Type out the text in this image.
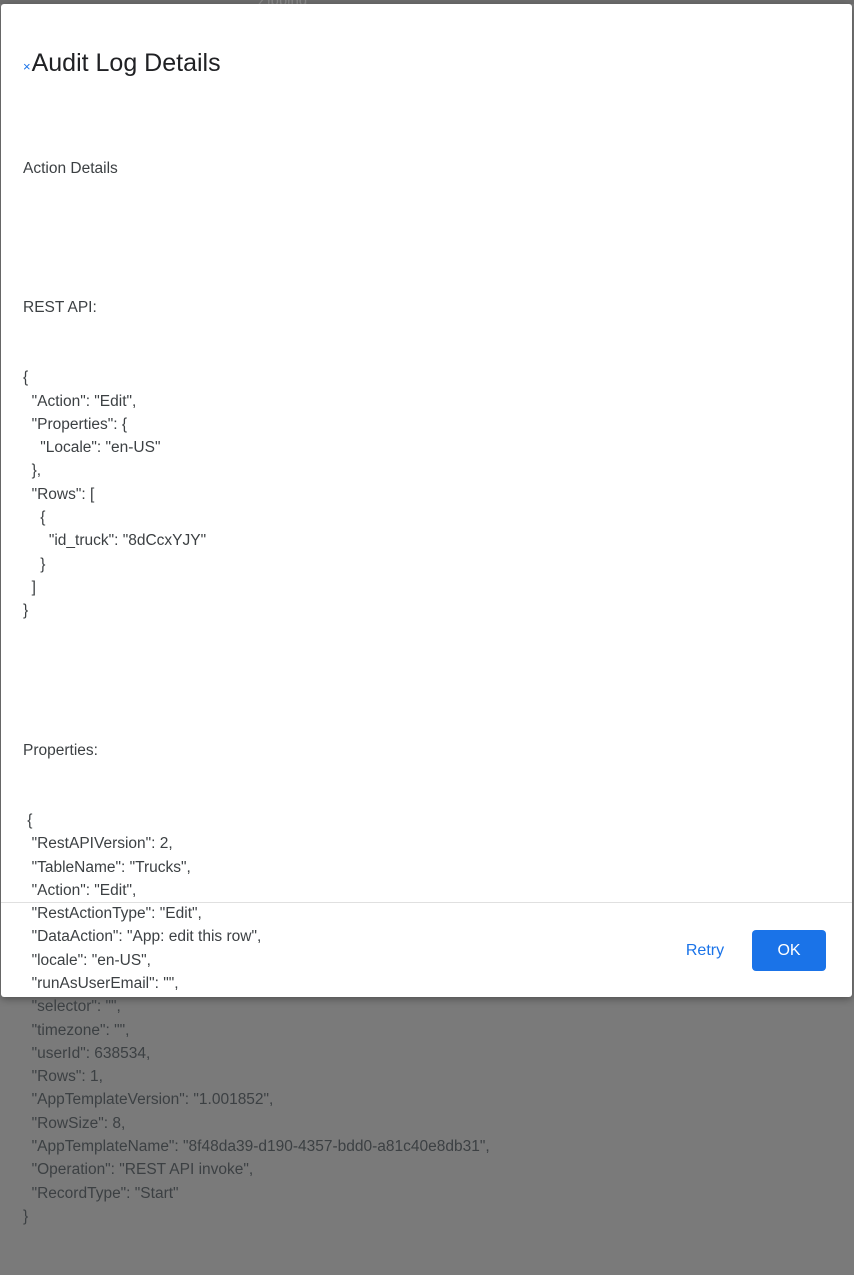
× Audit Log Details

Action Details

REST API:

{
"Action": "Edit",
"Properties": {
"Locale": "en-US"
},
"Rows": [
{
"id_truck": "8dCcxYJY"
}
]
}

Properties:

{
"RestAPIVersion": 2,
"TableName": "Trucks",
"Action": "Edit",
"RestActionType": "Edit",
"DataAction": "App: edit this row",
"locale": "en-US",
"runAsUserEmail": "",
"selector": "",
"timezone": "",
"userId": 638534,
"Rows": 1,
"AppTemplateVersion": "1.001852",
"RowSize": 8,
"AppTemplateName": "8f48da39-d190-4357-bdd0-a81c40e8db31",
"Operation": "REST API invoke",
"RecordType": "Start"
}

Retry	OK
